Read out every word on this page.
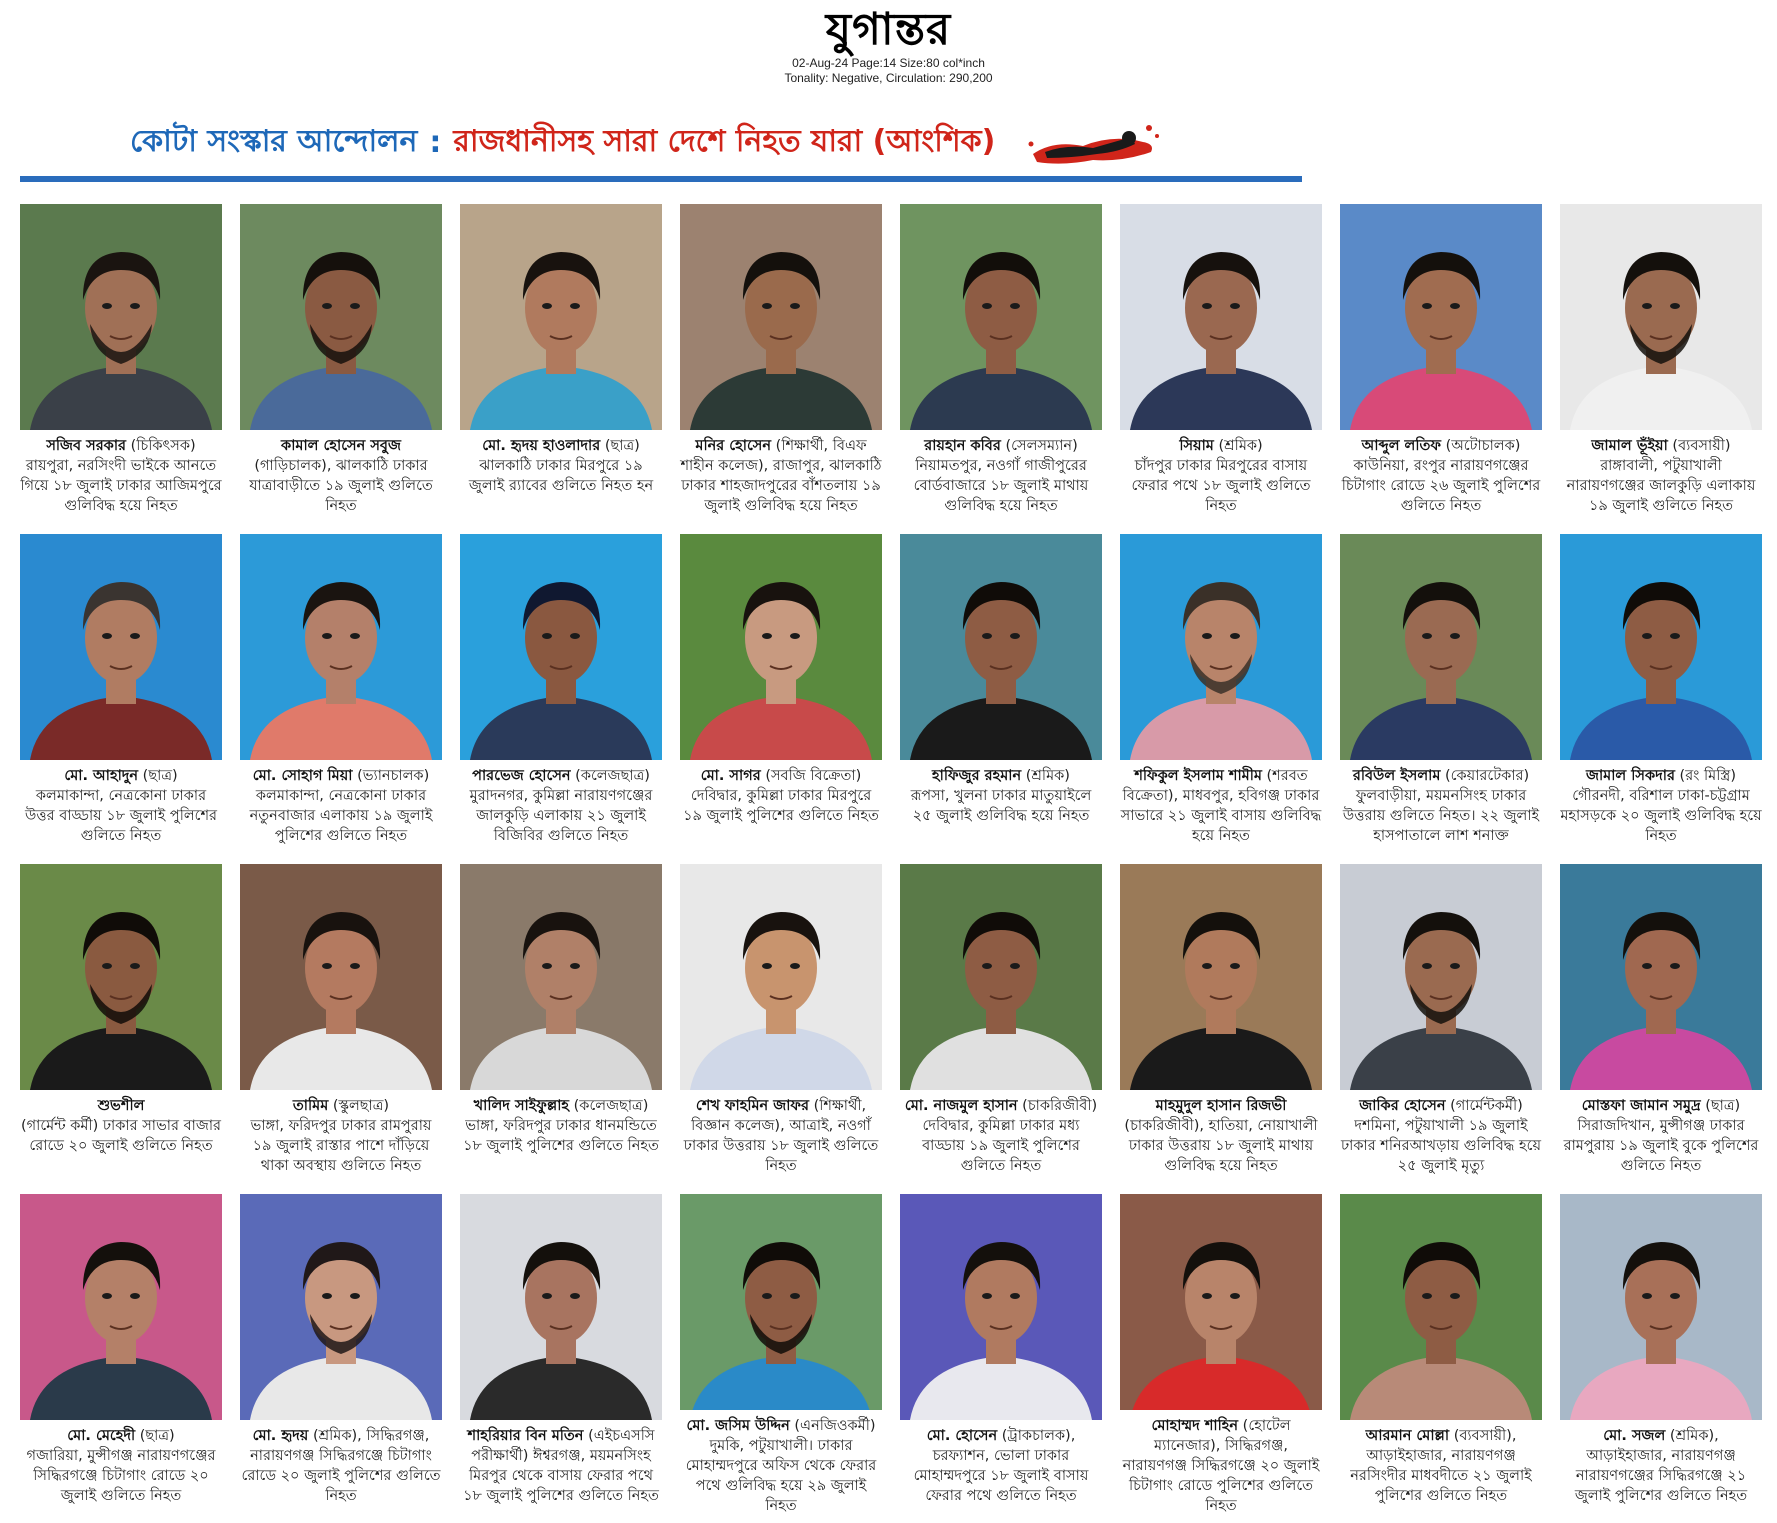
যুগান্তর
02-Aug-24 Page:14 Size:80 col*inch
Tonality: Negative, Circulation: 290,200
কোটা সংস্কার আন্দোলন : রাজধানীসহ সারা দেশে নিহত যারা (আংশিক)
সজিব সরকার (চিকিৎসক)
রায়পুরা, নরসিংদী ভাইকে আনতে গিয়ে ১৮ জুলাই ঢাকার আজিমপুরে গুলিবিদ্ধ হয়ে নিহত
কামাল হোসেন সবুজ
(গাড়িচালক), ঝালকাঠি ঢাকার যাত্রাবাড়ীতে ১৯ জুলাই গুলিতে নিহত
মো. হৃদয় হাওলাদার (ছাত্র)
ঝালকাঠি ঢাকার মিরপুরে ১৯ জুলাই র‌্যাবের গুলিতে নিহত হন
মনির হোসেন (শিক্ষার্থী, বিএফ
শাহীন কলেজ), রাজাপুর, ঝালকাঠি ঢাকার শাহজাদপুরের বাঁশতলায় ১৯ জুলাই গুলিবিদ্ধ হয়ে নিহত
রায়হান কবির (সেলসম্যান)
নিয়ামতপুর, নওগাঁ গাজীপুরের বোর্ডবাজারে ১৮ জুলাই মাথায় গুলিবিদ্ধ হয়ে নিহত
সিয়াম (শ্রমিক)
চাঁদপুর ঢাকার মিরপুরের বাসায় ফেরার পথে ১৮ জুলাই গুলিতে নিহত
আব্দুল লতিফ (অটোচালক)
কাউনিয়া, রংপুর নারায়ণগঞ্জের চিটাগাং রোডে ২৬ জুলাই পুলিশের গুলিতে নিহত
জামাল ভূঁইয়া (ব্যবসায়ী)
রাঙ্গাবালী, পটুয়াখালী নারায়ণগঞ্জের জালকুড়ি এলাকায় ১৯ জুলাই গুলিতে নিহত
মো. আহাদুন (ছাত্র)
কলমাকান্দা, নেত্রকোনা ঢাকার উত্তর বাড্ডায় ১৮ জুলাই পুলিশের গুলিতে নিহত
মো. সোহাগ মিয়া (ভ্যানচালক)
কলমাকান্দা, নেত্রকোনা ঢাকার নতুনবাজার এলাকায় ১৯ জুলাই পুলিশের গুলিতে নিহত
পারভেজ হোসেন (কলেজছাত্র)
মুরাদনগর, কুমিল্লা নারায়ণগঞ্জের জালকুড়ি এলাকায় ২১ জুলাই বিজিবির গুলিতে নিহত
মো. সাগর (সবজি বিক্রেতা)
দেবিদ্বার, কুমিল্লা ঢাকার মিরপুরে ১৯ জুলাই পুলিশের গুলিতে নিহত
হাফিজুর রহমান (শ্রমিক)
রূপসা, খুলনা ঢাকার মাতুয়াইলে ২৫ জুলাই গুলিবিদ্ধ হয়ে নিহত
শফিকুল ইসলাম শামীম (শরবত
বিক্রেতা), মাধবপুর, হবিগঞ্জ ঢাকার সাভারে ২১ জুলাই বাসায় গুলিবিদ্ধ হয়ে নিহত
রবিউল ইসলাম (কেয়ারটেকার)
ফুলবাড়ীয়া, ময়মনসিংহ ঢাকার উত্তরায় গুলিতে নিহত। ২২ জুলাই হাসপাতালে লাশ শনাক্ত
জামাল সিকদার (রং মিস্ত্রি)
গৌরনদী, বরিশাল ঢাকা-চট্টগ্রাম মহাসড়কে ২০ জুলাই গুলিবিদ্ধ হয়ে নিহত
শুভশীল
(গার্মেন্ট কর্মী) ঢাকার সাভার বাজার রোডে ২০ জুলাই গুলিতে নিহত
তামিম (স্কুলছাত্র)
ভাঙ্গা, ফরিদপুর ঢাকার রামপুরায় ১৯ জুলাই রাস্তার পাশে দাঁড়িয়ে থাকা অবস্থায় গুলিতে নিহত
খালিদ সাইফুল্লাহ (কলেজছাত্র)
ভাঙ্গা, ফরিদপুর ঢাকার ধানমন্ডিতে ১৮ জুলাই পুলিশের গুলিতে নিহত
শেখ ফাহমিন জাফর (শিক্ষার্থী,
বিজ্ঞান কলেজ), আত্রাই, নওগাঁ ঢাকার উত্তরায় ১৮ জুলাই গুলিতে নিহত
মো. নাজমুল হাসান (চাকরিজীবী)
দেবিদ্বার, কুমিল্লা ঢাকার মধ্য বাড্ডায় ১৯ জুলাই পুলিশের গুলিতে নিহত
মাহমুদুল হাসান রিজভী
(চাকরিজীবী), হাতিয়া, নোয়াখালী ঢাকার উত্তরায় ১৮ জুলাই মাথায় গুলিবিদ্ধ হয়ে নিহত
জাকির হোসেন (গার্মেন্টকর্মী)
দশমিনা, পটুয়াখালী ১৯ জুলাই ঢাকার শনিরআখড়ায় গুলিবিদ্ধ হয়ে ২৫ জুলাই মৃত্যু
মোস্তফা জামান সমুদ্র (ছাত্র)
সিরাজদিখান, মুন্সীগঞ্জ ঢাকার রামপুরায় ১৯ জুলাই বুকে পুলিশের গুলিতে নিহত
মো. মেহেদী (ছাত্র)
গজারিয়া, মুন্সীগঞ্জ নারায়ণগঞ্জের সিদ্ধিরগঞ্জে চিটাগাং রোডে ২০ জুলাই গুলিতে নিহত
মো. হৃদয় (শ্রমিক), সিদ্ধিরগঞ্জ,
নারায়ণগঞ্জ সিদ্ধিরগঞ্জে চিটাগাং রোডে ২০ জুলাই পুলিশের গুলিতে নিহত
শাহরিয়ার বিন মতিন (এইচএসসি
পরীক্ষার্থী) ঈশ্বরগঞ্জ, ময়মনসিংহ মিরপুর থেকে বাসায় ফেরার পথে ১৮ জুলাই পুলিশের গুলিতে নিহত
মো. জসিম উদ্দিন (এনজিওকর্মী)
দুমকি, পটুয়াখালী। ঢাকার মোহাম্মদপুরে অফিস থেকে ফেরার পথে গুলিবিদ্ধ হয়ে ২৯ জুলাই নিহত
মো. হোসেন (ট্রাকচালক),
চরফ্যাশন, ভোলা ঢাকার মোহাম্মদপুরে ১৮ জুলাই বাসায় ফেরার পথে গুলিতে নিহত
মোহাম্মদ শাহিন (হোটেল
ম্যানেজার), সিদ্ধিরগঞ্জ, নারায়ণগঞ্জ সিদ্ধিরগঞ্জে ২০ জুলাই চিটাগাং রোডে পুলিশের গুলিতে নিহত
আরমান মোল্লা (ব্যবসায়ী),
আড়াইহাজার, নারায়ণগঞ্জ নরসিংদীর মাধবদীতে ২১ জুলাই পুলিশের গুলিতে নিহত
মো. সজল (শ্রমিক),
আড়াইহাজার, নারায়ণগঞ্জ নারায়ণগঞ্জের সিদ্ধিরগঞ্জে ২১ জুলাই পুলিশের গুলিতে নিহত
